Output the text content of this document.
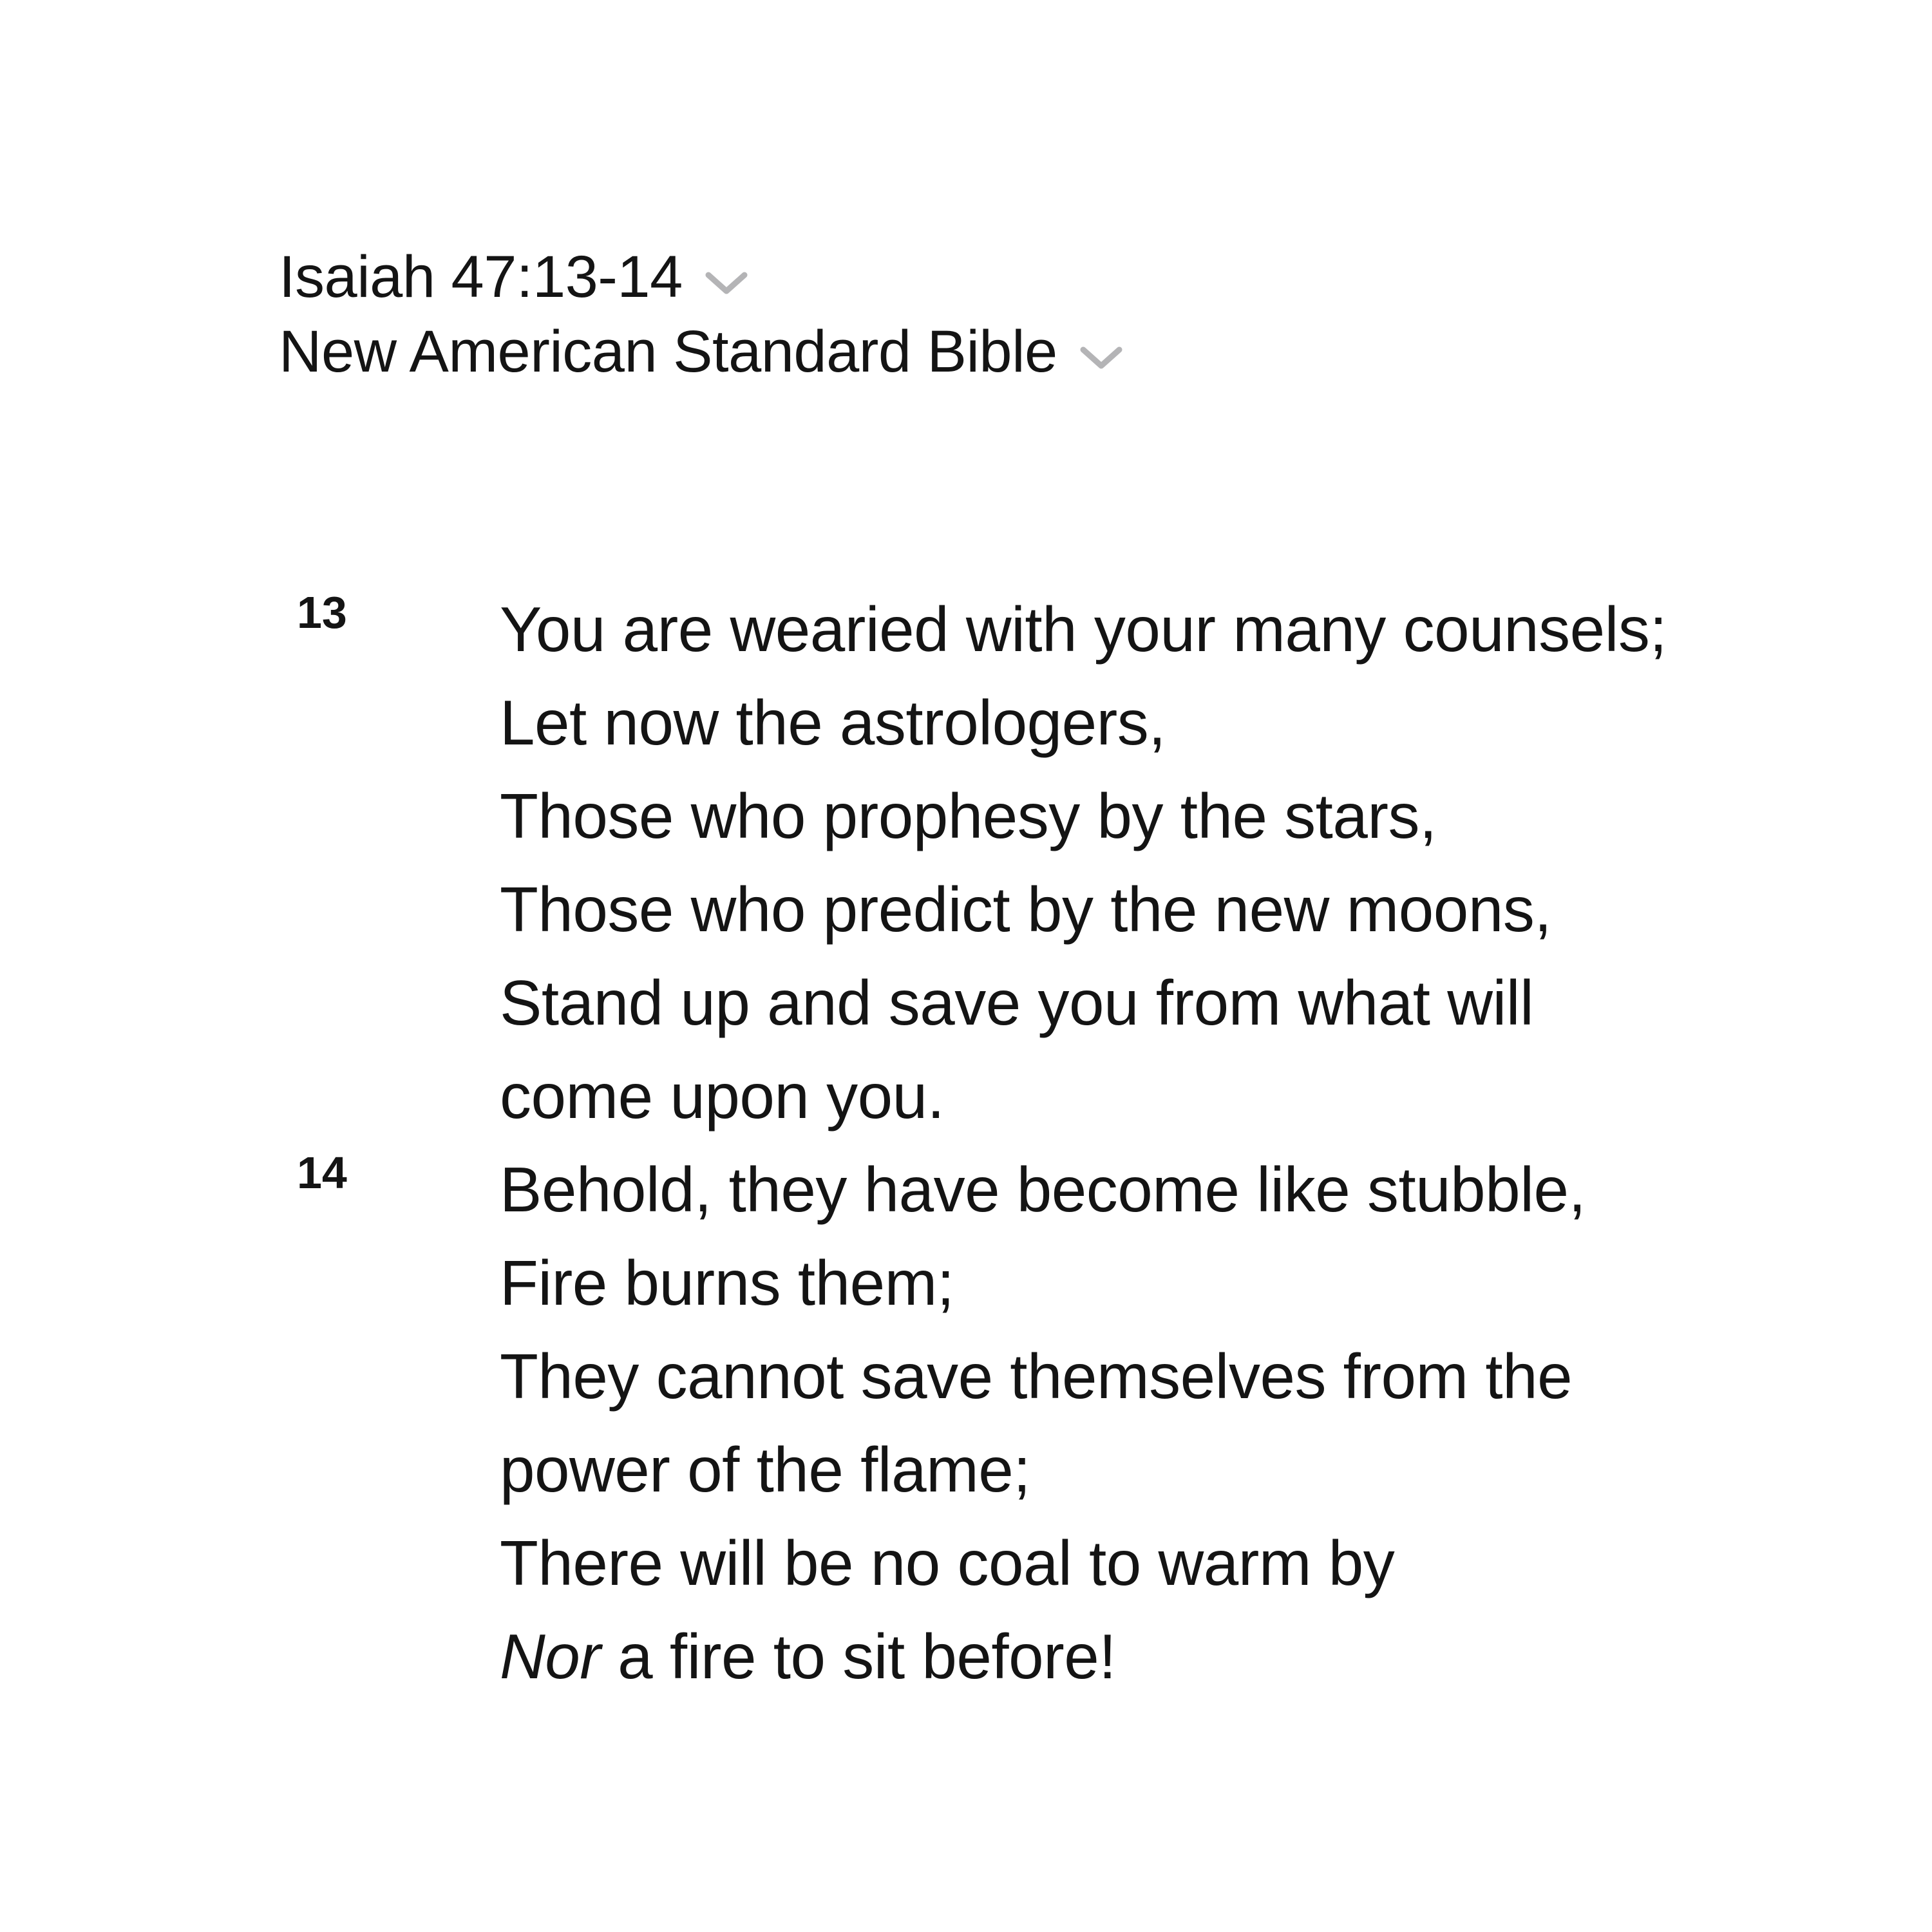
Isaiah 47:13-14
New American Standard Bible
13	You are wearied with your many counsels;
Let now the astrologers,
Those who prophesy by the stars,
Those who predict by the new moons,
Stand up and save you from what will
come upon you.
14	Behold, they have become like stubble,
Fire burns them;
They cannot save themselves from the
power of the flame;
There will be no coal to warm by
Nor a fire to sit before!
